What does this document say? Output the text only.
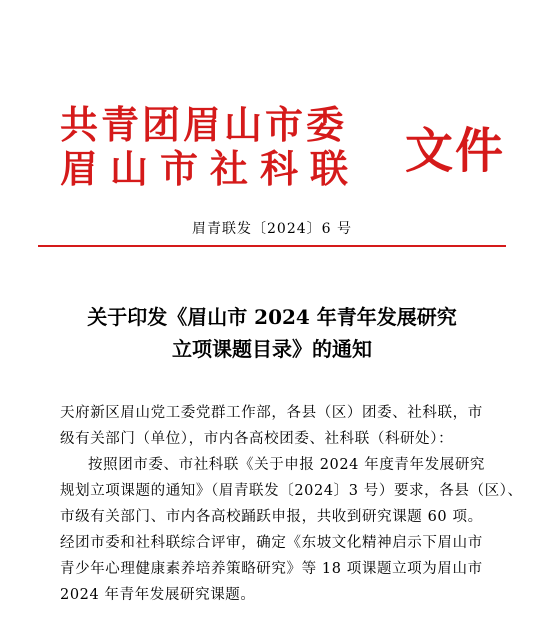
共青团眉山市委
眉山市社科联 文件
眉青联发〔2024〕6 号
关于印发《眉山市 2024 年青年发展研究
立项课题目录》的通知
天府新区眉山党工委党群工作部，各县（区）团委、社科联，市
级有关部门（单位），市内各高校团委、社科联（科研处）：
按照团市委、市社科联《关于申报 2024 年度青年发展研究
规划立项课题的通知》（眉青联发〔2024〕3 号）要求，各县（区）、
市级有关部门、市内各高校踊跃申报，共收到研究课题 60 项。
经团市委和社科联综合评审，确定《东坡文化精神启示下眉山市
青少年心理健康素养培养策略研究》等 18 项课题立项为眉山市
2024 年青年发展研究课题。
